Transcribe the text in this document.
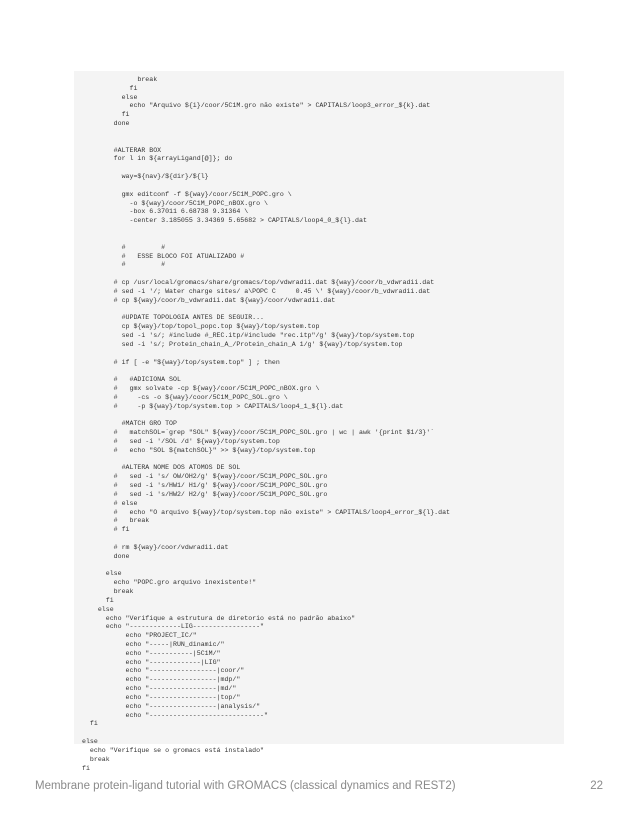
break
fi
else
echo "Arquivo ${i}/coor/5C1M.gro não existe" > CAPITALS/loop3_error_${k}.dat
fi
done

#ALTERAR BOX
for l in ${arrayLigand[@]}; do

way=${nav}/${dir}/${l}

gmx editconf -f ${way}/coor/5C1M_POPC.gro \
-o ${way}/coor/5C1M_POPC_nBOX.gro \
-box 6.37011 6.68738 9.31364 \
-center 3.185055 3.34369 5.65682 > CAPITALS/loop4_0_${l}.dat

#         #
#   ESSE BLOCO FOI ATUALIZADO #
#         #

# cp /usr/local/gromacs/share/gromacs/top/vdwradii.dat ${way}/coor/b_vdwradii.dat
# sed -i '/; Water charge sites/ a\POPC C     0.45 \' ${way}/coor/b_vdwradii.dat
# cp ${way}/coor/b_vdwradii.dat ${way}/coor/vdwradii.dat

#UPDATE TOPOLOGIA ANTES DE SEGUIR...
cp ${way}/top/topol_popc.top ${way}/top/system.top
sed -i 's/; #include #_REC.itp/#include "rec.itp"/g' ${way}/top/system.top
sed -i 's/; Protein_chain_A_/Protein_chain_A 1/g' ${way}/top/system.top

# if [ -e "${way}/top/system.top" ] ; then

#   #ADICIONA SOL
#   gmx solvate -cp ${way}/coor/5C1M_POPC_nBOX.gro \
#     -cs -o ${way}/coor/5C1M_POPC_SOL.gro \
#     -p ${way}/top/system.top > CAPITALS/loop4_1_${l}.dat

#MATCH GRO TOP
#   matchSOL=`grep "SOL" ${way}/coor/5C1M_POPC_SOL.gro | wc | awk '{print $1/3}'`
#   sed -i '/SOL /d' ${way}/top/system.top
#   echo "SOL ${matchSOL}" >> ${way}/top/system.top

#ALTERA NOME DOS ATOMOS DE SOL
#   sed -i 's/ OW/OH2/g' ${way}/coor/5C1M_POPC_SOL.gro
#   sed -i 's/HW1/ H1/g' ${way}/coor/5C1M_POPC_SOL.gro
#   sed -i 's/HW2/ H2/g' ${way}/coor/5C1M_POPC_SOL.gro
# else
#   echo "O arquivo ${way}/top/system.top não existe" > CAPITALS/loop4_error_${l}.dat
#   break
# fi

# rm ${way}/coor/vdwradii.dat
done

else
echo "POPC.gro arquivo inexistente!"
break
fi
else
echo "Verifique a estrutura de diretorio está no padrão abaixo"
echo "-------------LIG-----------------"
echo "PROJECT_IC/"
echo "-----|RUN_dinamic/"
echo "-----------|5C1M/"
echo "-------------|LIG"
echo "-----------------|coor/"
echo "-----------------|mdp/"
echo "-----------------|md/"
echo "-----------------|top/"
echo "-----------------|analysis/"
echo "-----------------------------"
fi

else
echo "Verifique se o gromacs está instalado"
break
fi
Membrane protein-ligand tutorial with GROMACS (classical dynamics and REST2)	22
